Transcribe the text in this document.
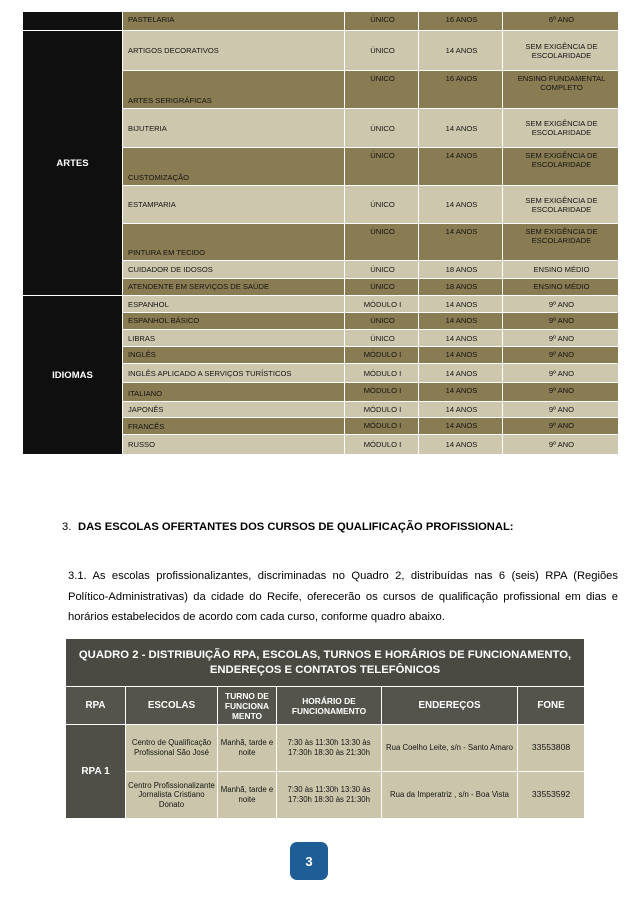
	PASTELARIA	ÚNICO	16 ANOS	6º ANO
ARTES	ARTIGOS DECORATIVOS	ÚNICO	14 ANOS	SEM EXIGÊNCIA DE ESCOLARIDADE
	ARTES SERIGRÁFICAS	ÚNICO	16 ANOS	ENSINO FUNDAMENTAL COMPLETO
	BIJUTERIA	ÚNICO	14 ANOS	SEM EXIGÊNCIA DE ESCOLARIDADE
	CUSTOMIZAÇÃO	ÚNICO	14 ANOS	SEM EXIGÊNCIA DE ESCOLARIDADE
	ESTAMPARIA	ÚNICO	14 ANOS	SEM EXIGÊNCIA DE ESCOLARIDADE
	PINTURA EM TECIDO	ÚNICO	14 ANOS	SEM EXIGÊNCIA DE ESCOLARIDADE
	CUIDADOR DE IDOSOS	ÚNICO	18 ANOS	ENSINO MÉDIO
	ATENDENTE EM SERVIÇOS DE SAÚDE	ÚNICO	18 ANOS	ENSINO MÉDIO
IDIOMAS	ESPANHOL	MÓDULO I	14 ANOS	9º ANO
	ESPANHOL BÁSICO	ÚNICO	14 ANOS	9º ANO
	LIBRAS	ÚNICO	14 ANOS	9º ANO
	INGLÊS	MÓDULO I	14 ANOS	9º ANO
	INGLÊS APLICADO A SERVIÇOS TURÍSTICOS	MÓDULO I	14 ANOS	9º ANO
	ITALIANO	MÓDULO I	14 ANOS	9º ANO
	JAPONÊS	MÓDULO I	14 ANOS	9º ANO
	FRANCÊS	MÓDULO I	14 ANOS	9º ANO
	RUSSO	MÓDULO I	14 ANOS	9º ANO
3. DAS ESCOLAS OFERTANTES DOS CURSOS DE QUALIFICAÇÃO PROFISSIONAL:

3.1. As escolas profissionalizantes, discriminadas no Quadro 2, distribuídas nas 6 (seis) RPA (Regiões Político-Administrativas) da cidade do Recife, oferecerão os cursos de qualificação profissional em dias e horários estabelecidos de acordo com cada curso, conforme quadro abaixo.

QUADRO 2 - DISTRIBUIÇÃO RPA, ESCOLAS, TURNOS E HORÁRIOS DE FUNCIONAMENTO, ENDEREÇOS E CONTATOS TELEFÔNICOS					
RPA	ESCOLAS	TURNO DE FUNCIONA MENTO	HORÁRIO DE FUNCIONAMENTO	ENDEREÇOS	FONE
RPA 1	Centro de Qualificação Profissional São José	Manhã, tarde e noite	7:30 às 11:30h 13:30 às 17:30h 18:30 às 21:30h	Rua Coelho Leite, s/n - Santo Amaro	33553808
	Centro Profissionalizante Jornalista Cristiano Donato	Manhã, tarde e noite	7:30 às 11:30h 13:30 às 17:30h 18:30 às 21:30h	Rua da Imperatriz , s/n - Boa Vista	33553592
3
